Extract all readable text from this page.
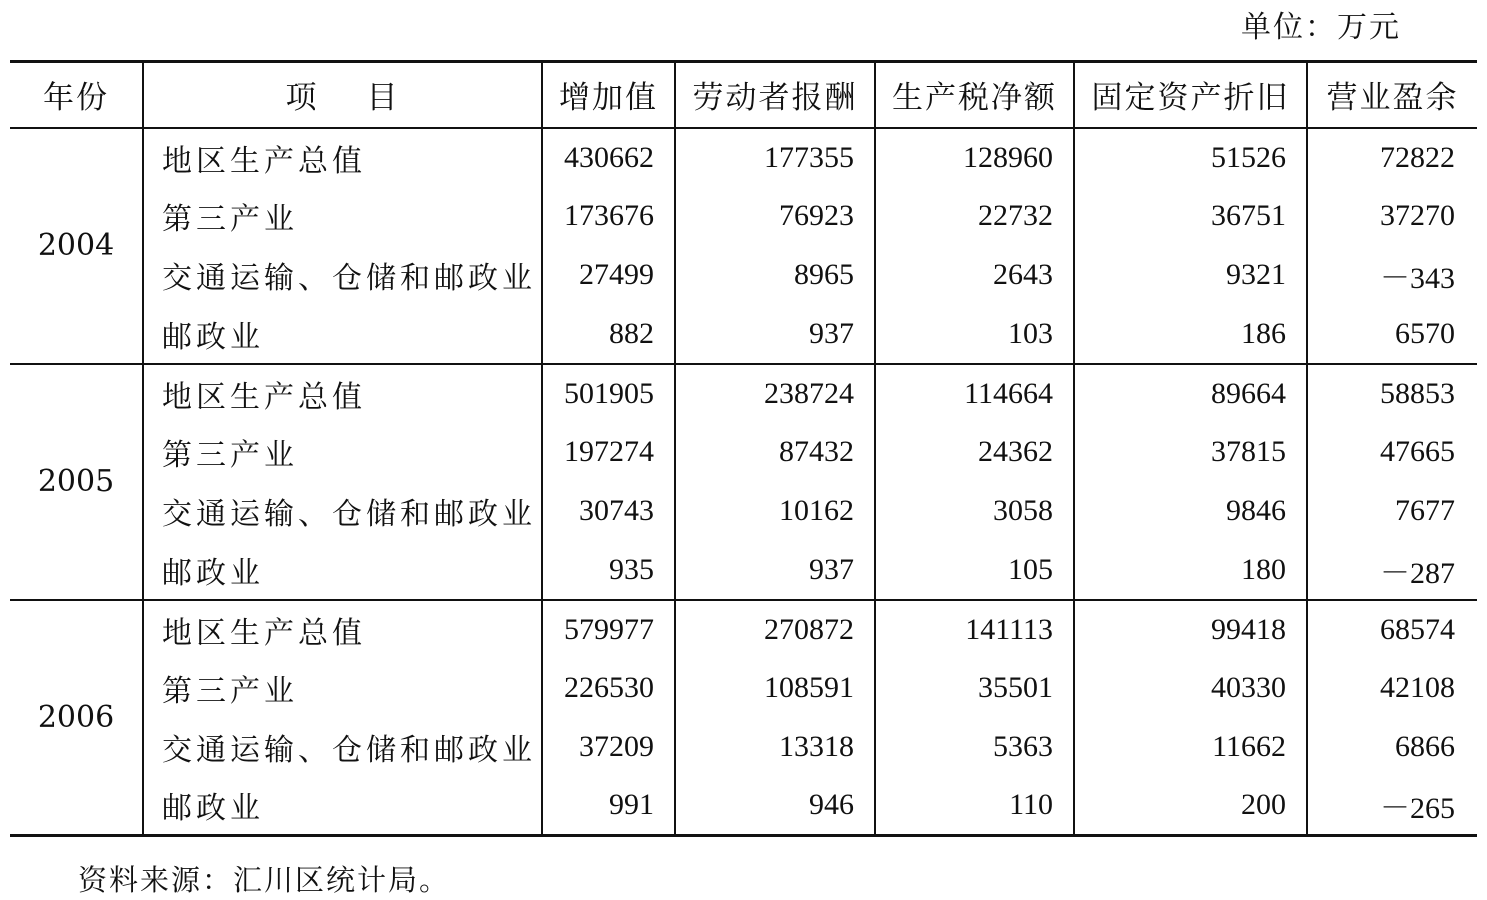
单位：万元
年份	项 目	增加值	劳动者报酬	生产税净额	固定资产折旧	营业盈余
2004	地区生产总值	430662	177355	128960	51526	72822
	第三产业	173676	76923	22732	36751	37270
	交通运输、仓储和邮政业	27499	8965	2643	9321	－343
	邮政业	882	937	103	186	6570
2005	地区生产总值	501905	238724	114664	89664	58853
	第三产业	197274	87432	24362	37815	47665
	交通运输、仓储和邮政业	30743	10162	3058	9846	7677
	邮政业	935	937	105	180	－287
2006	地区生产总值	579977	270872	141113	99418	68574
	第三产业	226530	108591	35501	40330	42108
	交通运输、仓储和邮政业	37209	13318	5363	11662	6866
	邮政业	991	946	110	200	－265
资料来源：汇川区统计局。
